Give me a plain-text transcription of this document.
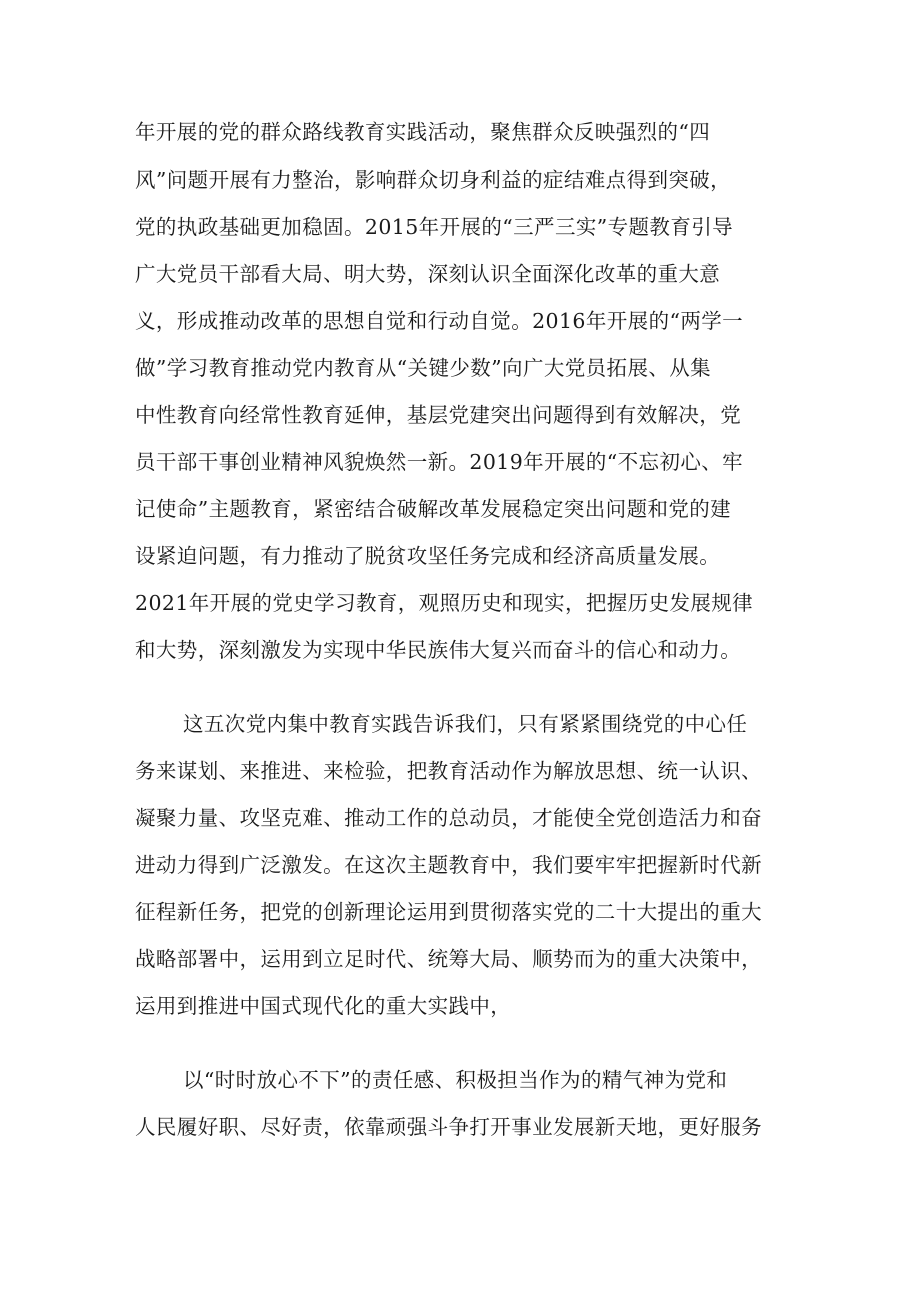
年开展的党的群众路线教育实践活动，聚焦群众反映强烈的“四
风”问题开展有力整治，影响群众切身利益的症结难点得到突破，
党的执政基础更加稳固。2015年开展的“三严三实”专题教育引导
广大党员干部看大局、明大势，深刻认识全面深化改革的重大意
义，形成推动改革的思想自觉和行动自觉。2016年开展的“两学一
做”学习教育推动党内教育从“关键少数”向广大党员拓展、从集
中性教育向经常性教育延伸，基层党建突出问题得到有效解决，党
员干部干事创业精神风貌焕然一新。2019年开展的“不忘初心、牢
记使命”主题教育，紧密结合破解改革发展稳定突出问题和党的建
设紧迫问题，有力推动了脱贫攻坚任务完成和经济高质量发展。
2021年开展的党史学习教育，观照历史和现实，把握历史发展规律
和大势，深刻激发为实现中华民族伟大复兴而奋斗的信心和动力。
这五次党内集中教育实践告诉我们，只有紧紧围绕党的中心任
务来谋划、来推进、来检验，把教育活动作为解放思想、统一认识、
凝聚力量、攻坚克难、推动工作的总动员，才能使全党创造活力和奋
进动力得到广泛激发。在这次主题教育中，我们要牢牢把握新时代新
征程新任务，把党的创新理论运用到贯彻落实党的二十大提出的重大
战略部署中，运用到立足时代、统筹大局、顺势而为的重大决策中，
运用到推进中国式现代化的重大实践中，
以“时时放心不下”的责任感、积极担当作为的精气神为党和
人民履好职、尽好责，依靠顽强斗争打开事业发展新天地，更好服务
